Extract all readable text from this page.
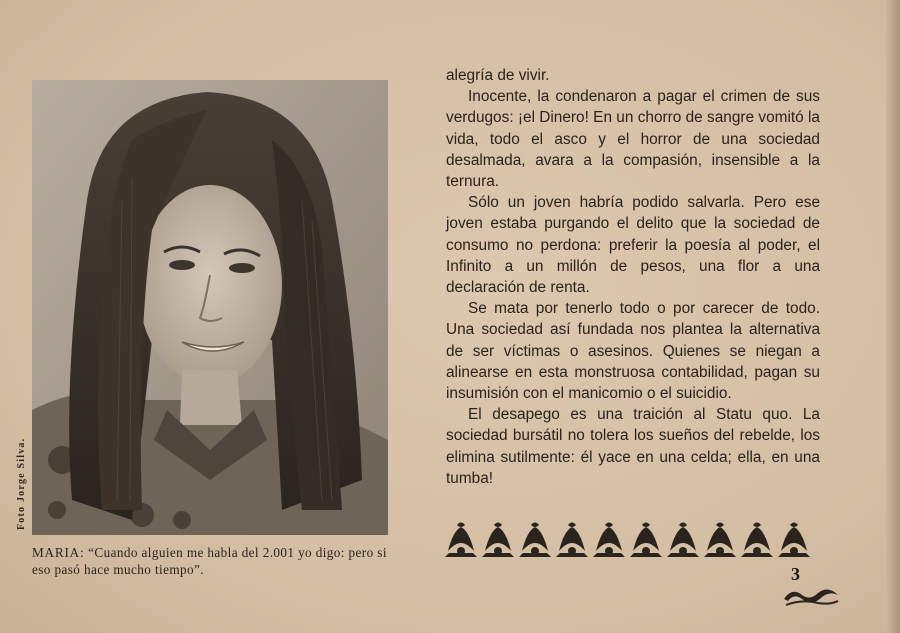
Foto Jorge Silva.
MARIA: “Cuando alguien me habla del 2.001 yo digo: pero si eso pasó hace mucho tiempo”.

alegría de vivir.

Inocente, la condenaron a pagar el crimen de sus verdugos: ¡el Dinero! En un chorro de sangre vomitó la vida, todo el asco y el horror de una sociedad desalmada, avara a la compasión, insensible a la ternura.

Sólo un joven habría podido salvarla. Pero ese joven estaba purgando el delito que la sociedad de consumo no perdona: preferir la poesía al poder, el Infinito a un millón de pesos, una flor a una declaración de renta.

Se mata por tenerlo todo o por carecer de todo. Una sociedad así fundada nos plantea la alternativa de ser víctimas o asesinos. Quienes se niegan a alinearse en esta monstruosa contabilidad, pagan su insumisión con el manicomio o el suicidio.

El desapego es una traición al Statu quo. La sociedad bursátil no tolera los sueños del rebelde, los elimina sutilmente: él yace en una celda; ella, en una tumba!

3
